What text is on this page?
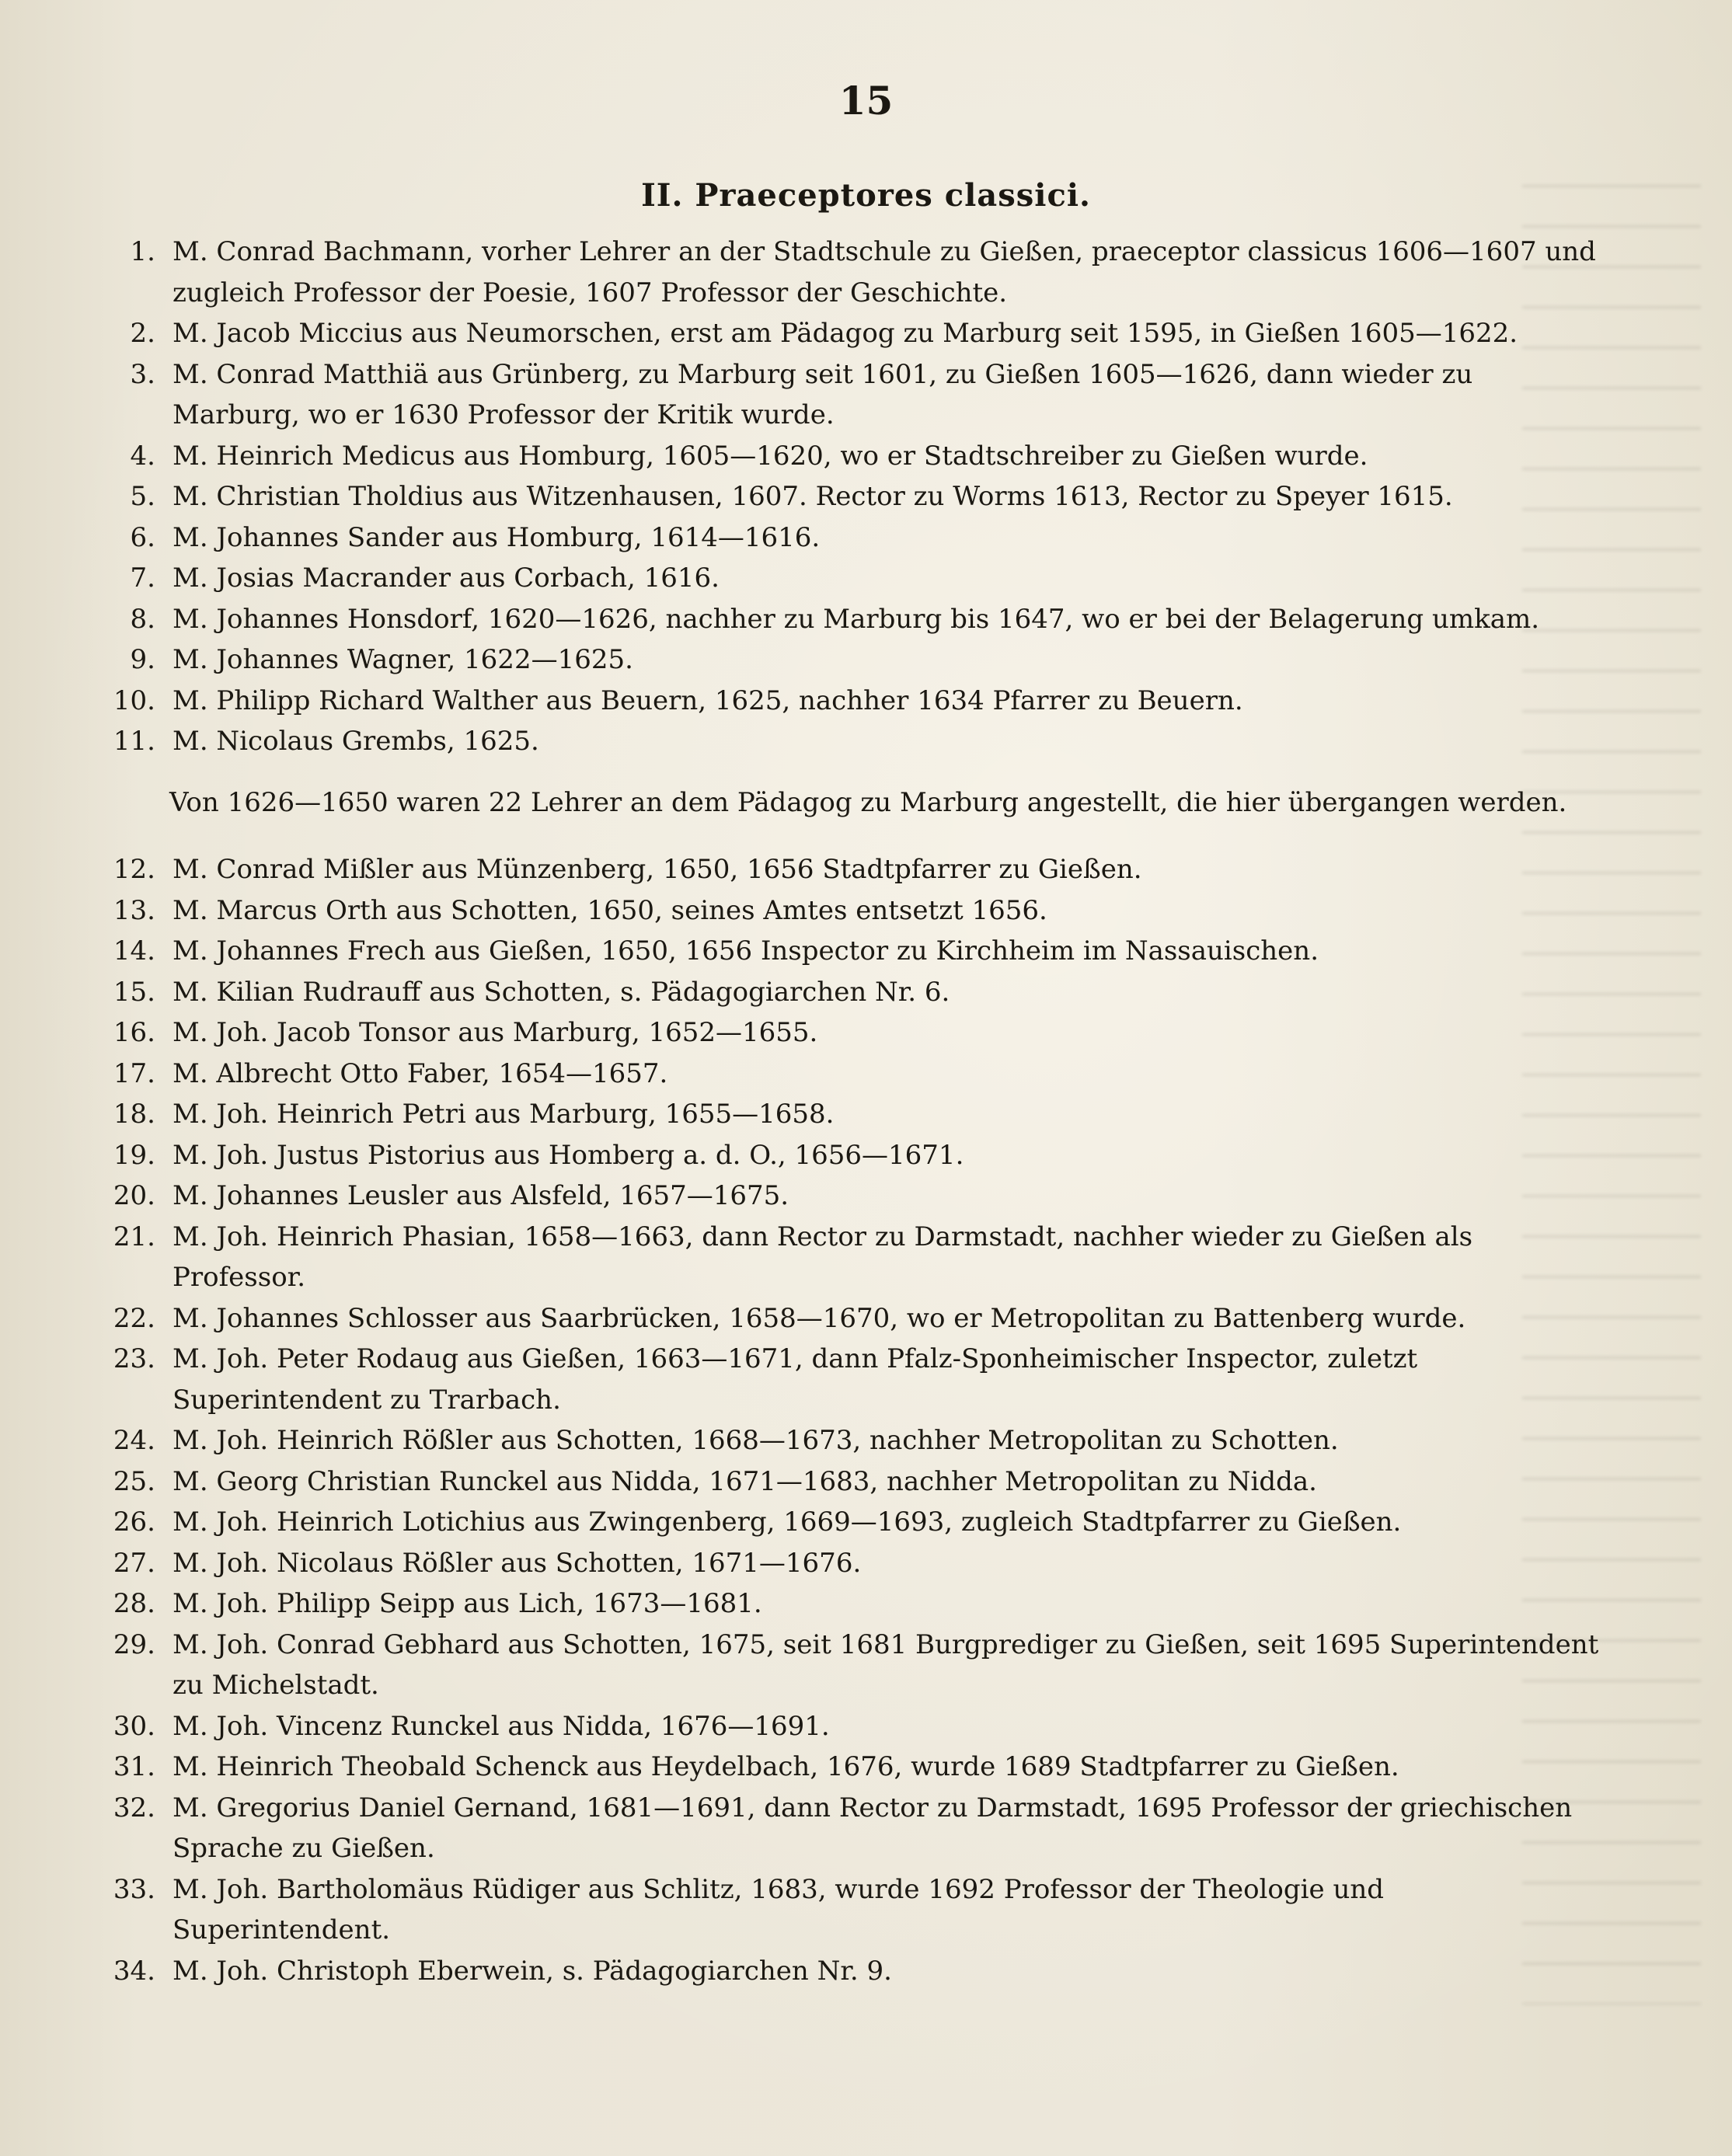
15
II. Praeceptores classici.
1. M. Conrad Bachmann, vorher Lehrer an der Stadtschule zu Gießen, praeceptor classicus 1606—1607 und zugleich Professor der Poesie, 1607 Professor der Geschichte.
2. M. Jacob Miccius aus Neumorschen, erst am Pädagog zu Marburg seit 1595, in Gießen 1605—1622.
3. M. Conrad Matthiä aus Grünberg, zu Marburg seit 1601, zu Gießen 1605—1626, dann wieder zu Marburg, wo er 1630 Professor der Kritik wurde.
4. M. Heinrich Medicus aus Homburg, 1605—1620, wo er Stadtschreiber zu Gießen wurde.
5. M. Christian Tholdius aus Witzenhausen, 1607. Rector zu Worms 1613, Rector zu Speyer 1615.
6. M. Johannes Sander aus Homburg, 1614—1616.
7. M. Josias Macrander aus Corbach, 1616.
8. M. Johannes Honsdorf, 1620—1626, nachher zu Marburg bis 1647, wo er bei der Belagerung umkam.
9. M. Johannes Wagner, 1622—1625.
10. M. Philipp Richard Walther aus Beuern, 1625, nachher 1634 Pfarrer zu Beuern.
11. M. Nicolaus Grembs, 1625.
Von 1626—1650 waren 22 Lehrer an dem Pädagog zu Marburg angestellt, die hier übergangen werden.
12. M. Conrad Mißler aus Münzenberg, 1650, 1656 Stadtpfarrer zu Gießen.
13. M. Marcus Orth aus Schotten, 1650, seines Amtes entsetzt 1656.
14. M. Johannes Frech aus Gießen, 1650, 1656 Inspector zu Kirchheim im Nassauischen.
15. M. Kilian Rudrauff aus Schotten, s. Pädagogiarchen Nr. 6.
16. M. Joh. Jacob Tonsor aus Marburg, 1652—1655.
17. M. Albrecht Otto Faber, 1654—1657.
18. M. Joh. Heinrich Petri aus Marburg, 1655—1658.
19. M. Joh. Justus Pistorius aus Homberg a. d. O., 1656—1671.
20. M. Johannes Leusler aus Alsfeld, 1657—1675.
21. M. Joh. Heinrich Phasian, 1658—1663, dann Rector zu Darmstadt, nachher wieder zu Gießen als Professor.
22. M. Johannes Schlosser aus Saarbrücken, 1658—1670, wo er Metropolitan zu Battenberg wurde.
23. M. Joh. Peter Rodaug aus Gießen, 1663—1671, dann Pfalz-Sponheimischer Inspector, zuletzt Superintendent zu Trarbach.
24. M. Joh. Heinrich Rößler aus Schotten, 1668—1673, nachher Metropolitan zu Schotten.
25. M. Georg Christian Runckel aus Nidda, 1671—1683, nachher Metropolitan zu Nidda.
26. M. Joh. Heinrich Lotichius aus Zwingenberg, 1669—1693, zugleich Stadtpfarrer zu Gießen.
27. M. Joh. Nicolaus Rößler aus Schotten, 1671—1676.
28. M. Joh. Philipp Seipp aus Lich, 1673—1681.
29. M. Joh. Conrad Gebhard aus Schotten, 1675, seit 1681 Burgprediger zu Gießen, seit 1695 Superintendent zu Michelstadt.
30. M. Joh. Vincenz Runckel aus Nidda, 1676—1691.
31. M. Heinrich Theobald Schenck aus Heydelbach, 1676, wurde 1689 Stadtpfarrer zu Gießen.
32. M. Gregorius Daniel Gernand, 1681—1691, dann Rector zu Darmstadt, 1695 Professor der griechischen Sprache zu Gießen.
33. M. Joh. Bartholomäus Rüdiger aus Schlitz, 1683, wurde 1692 Professor der Theologie und Superintendent.
34. M. Joh. Christoph Eberwein, s. Pädagogiarchen Nr. 9.
